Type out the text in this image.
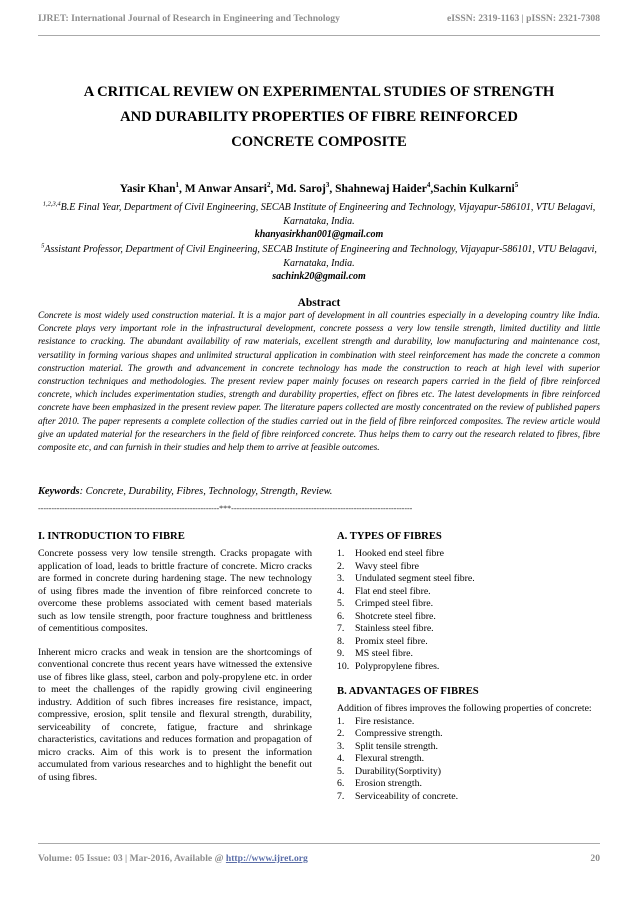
IJRET: International Journal of Research in Engineering and Technology	eISSN: 2319-1163 | pISSN: 2321-7308
A CRITICAL REVIEW ON EXPERIMENTAL STUDIES OF STRENGTH
AND DURABILITY PROPERTIES OF FIBRE REINFORCED
CONCRETE COMPOSITE
Yasir Khan$^1$, M Anwar Ansari$^2$, Md. Saroj$^3$, Shahnewaj Haider$^4$,Sachin Kulkarni$^5$
$^{1,2,3,4}$B.E Final Year, Department of Civil Engineering, SECAB Institute of Engineering and Technology, Vijayapur-586101, VTU Belagavi, Karnataka, India.
khanyasirkhan001@gmail.com
$^5$Assistant Professor, Department of Civil Engineering, SECAB Institute of Engineering and Technology, Vijayapur-586101, VTU Belagavi, Karnataka, India.
sachink20@gmail.com
Abstract
Concrete is most widely used construction material. It is a major part of development in all countries especially in a developing country like India. Concrete plays very important role in the infrastructural development, concrete possess a very low tensile strength, limited ductility and little resistance to cracking. The abundant availability of raw materials, excellent strength and durability, low manufacturing and maintenance cost, versatility in forming various shapes and unlimited structural application in combination with steel reinforcement has made the concrete a common construction material. The growth and advancement in concrete technology has made the construction to reach at high level with superior construction techniques and methodologies. The present review paper mainly focuses on research papers carried in the field of fibre reinforced concrete, which includes experimentation studies, strength and durability properties, effect on fibres etc. The latest developments in fibre reinforced concrete have been emphasized in the present review paper. The literature papers collected are mostly concentrated on the review of published papers after 2010. The paper represents a complete collection of the studies carried out in the field of fibre reinforced composites. The review article would give an updated material for the researchers in the field of fibre reinforced concrete. Thus helps them to carry out the research related to fibres, fibre composite etc, and can furnish in their studies and help them to arrive at feasible outcomes.
Keywords: Concrete, Durability, Fibres, Technology, Strength, Review.
--------------------------------------------------------------------***--------------------------------------------------------------------
I. INTRODUCTION TO FIBRE

Concrete possess very low tensile strength. Cracks propagate with application of load, leads to brittle fracture of concrete. Micro cracks are formed in concrete during hardening stage. The new technology of using fibres made the invention of fibre reinforced concrete to overcome these problems associated with cement based materials such as low tensile strength, poor fracture toughness and brittleness of cementitious composites.

Inherent micro cracks and weak in tension are the shortcomings of conventional concrete thus recent years have witnessed the extensive use of fibres like glass, steel, carbon and poly-propylene etc. in order to meet the challenges of the rapidly growing civil engineering industry. Addition of such fibres increases fire resistance, impact, compressive, erosion, split tensile and flexural strength, durability, serviceability of concrete, fatigue, fracture and shrinkage characteristics, cavitations and reduces formation and propagation of micro cracks. Aim of this work is to present the information accumulated from various researches and to highlight the benefit out of using fibres.

A. TYPES OF FIBRES
1.	Hooked end steel fibre
2.	Wavy steel fibre
3.	Undulated segment steel fibre.
4.	Flat end steel fibre.
5.	Crimped steel fibre.
6.	Shotcrete steel fibre.
7.	Stainless steel fibre.
8.	Promix steel fibre.
9.	MS steel fibre.
10. Polypropylene fibres.
B. ADVANTAGES OF FIBRES

Addition of fibres improves the following properties of concrete:

1.	Fire resistance.
2.	Compressive strength.
3.	Split tensile strength.
4.	Flexural strength.
5.	Durability(Sorptivity)
6.	Erosion strength.
7.	Serviceability of concrete.
Volume: 05 Issue: 03 | Mar-2016, Available @ http://www.ijret.org	20
